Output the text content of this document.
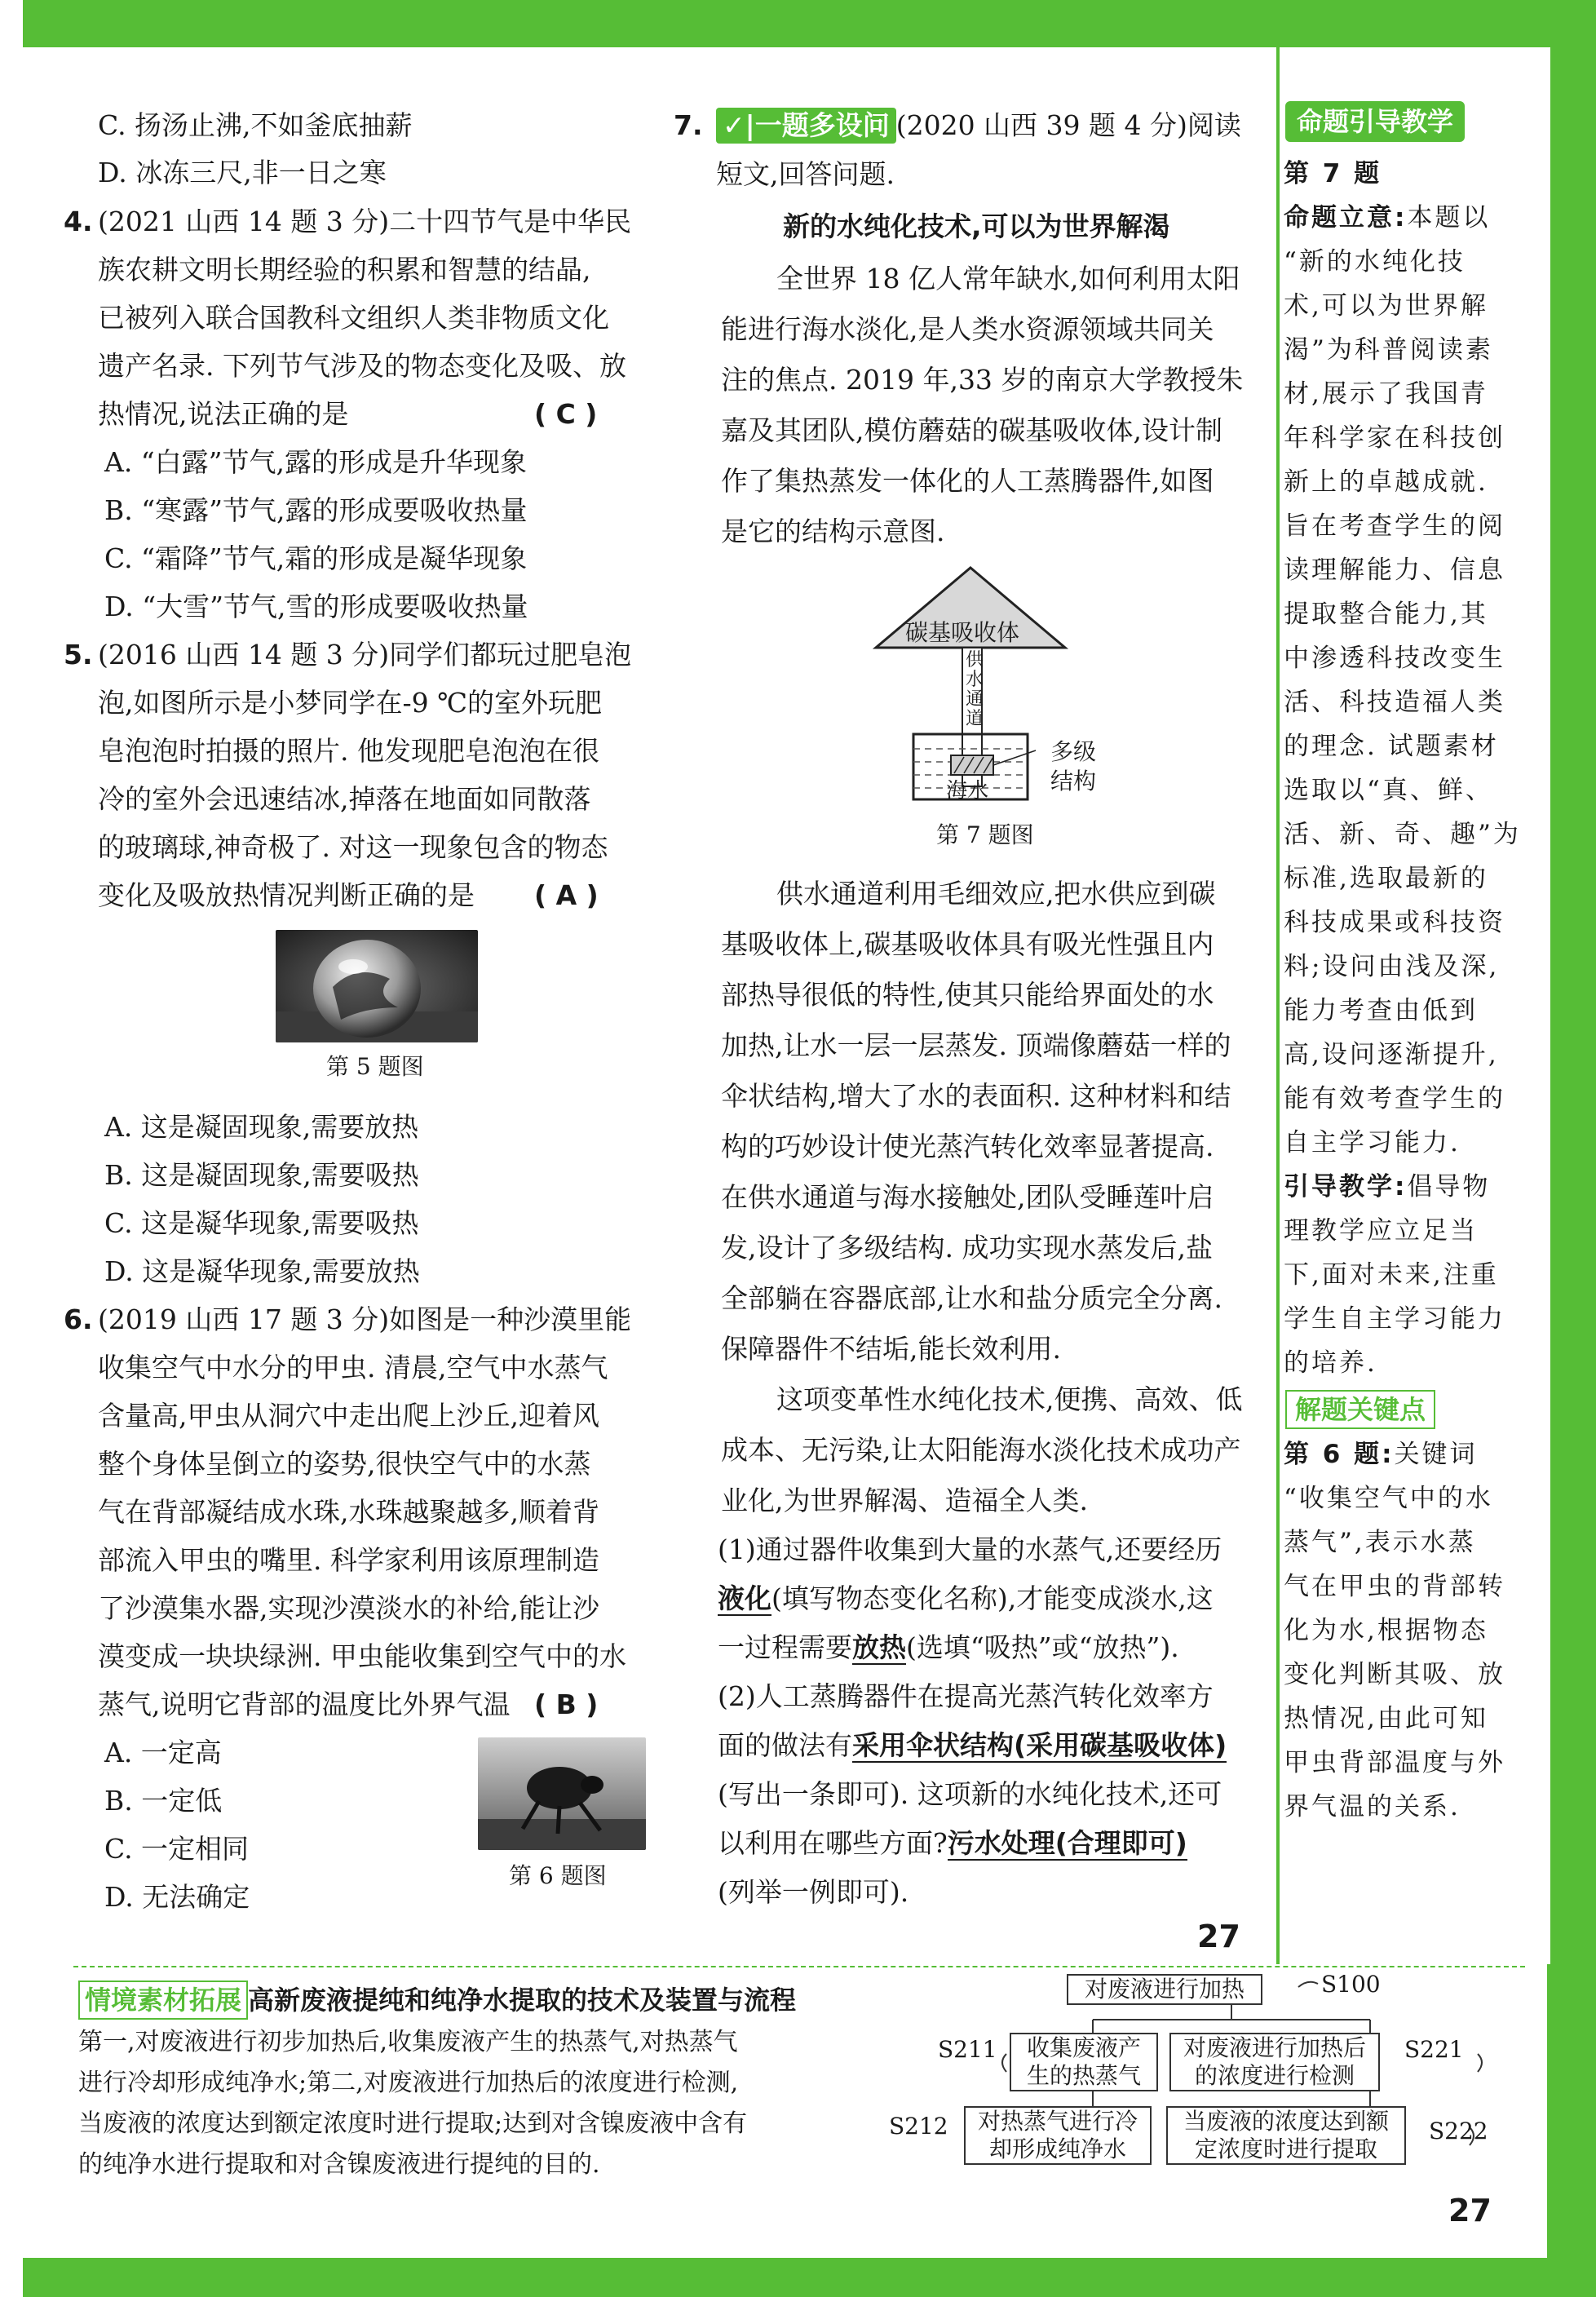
C. 扬汤止沸,不如釜底抽薪
D. 冰冻三尺,非一日之寒
4. (2021 山西 14 题 3 分)二十四节气是中华民
族农耕文明长期经验的积累和智慧的结晶,
已被列入联合国教科文组织人类非物质文化
遗产名录. 下列节气涉及的物态变化及吸、放
热情况,说法正确的是	( C )
A. “白露”节气,露的形成是升华现象
B. “寒露”节气,露的形成要吸收热量
C. “霜降”节气,霜的形成是凝华现象
D. “大雪”节气,雪的形成要吸收热量
5. (2016 山西 14 题 3 分)同学们都玩过肥皂泡
泡,如图所示是小梦同学在-9 ℃的室外玩肥
皂泡泡时拍摄的照片. 他发现肥皂泡泡在很
冷的室外会迅速结冰,掉落在地面如同散落
的玻璃球,神奇极了. 对这一现象包含的物态
变化及吸放热情况判断正确的是 ( A )
第 5 题图
A. 这是凝固现象,需要放热
B. 这是凝固现象,需要吸热
C. 这是凝华现象,需要吸热
D. 这是凝华现象,需要放热
6. (2019 山西 17 题 3 分)如图是一种沙漠里能
收集空气中水分的甲虫. 清晨,空气中水蒸气
含量高,甲虫从洞穴中走出爬上沙丘,迎着风
整个身体呈倒立的姿势,很快空气中的水蒸
气在背部凝结成水珠,水珠越聚越多,顺着背
部流入甲虫的嘴里. 科学家利用该原理制造
了沙漠集水器,实现沙漠淡水的补给,能让沙
漠变成一块块绿洲. 甲虫能收集到空气中的水
蒸气,说明它背部的温度比外界气温 ( B )
A. 一定高
B. 一定低
C. 一定相同
D. 无法确定
第 6 题图
7. ✓|一题多设问 (2020 山西 39 题 4 分)阅读
短文,回答问题.
新的水纯化技术,可以为世界解渴
全世界 18 亿人常年缺水,如何利用太阳
能进行海水淡化,是人类水资源领域共同关
注的焦点. 2019 年,33 岁的南京大学教授朱
嘉及其团队,模仿蘑菇的碳基吸收体,设计制
作了集热蒸发一体化的人工蒸腾器件,如图
是它的结构示意图.
碳基吸收体
供水通道
多级
结构
海水
第 7 题图
供水通道利用毛细效应,把水供应到碳
基吸收体上,碳基吸收体具有吸光性强且内
部热导很低的特性,使其只能给界面处的水
加热,让水一层一层蒸发. 顶端像蘑菇一样的
伞状结构,增大了水的表面积. 这种材料和结
构的巧妙设计使光蒸汽转化效率显著提高.
在供水通道与海水接触处,团队受睡莲叶启
发,设计了多级结构. 成功实现水蒸发后,盐
全部躺在容器底部,让水和盐分质完全分离.
保障器件不结垢,能长效利用.
这项变革性水纯化技术,便携、高效、低
成本、无污染,让太阳能海水淡化技术成功产
业化,为世界解渴、造福全人类.
(1)通过器件收集到大量的水蒸气,还要经历
液化(填写物态变化名称),才能变成淡水,这
一过程需要放热(选填“吸热”或“放热”).
(2)人工蒸腾器件在提高光蒸汽转化效率方
面的做法有采用伞状结构(采用碳基吸收体)
(写出一条即可). 这项新的水纯化技术,还可
以利用在哪些方面?污水处理(合理即可)
(列举一例即可).
27
命题引导教学
第 7 题
命题立意:本题以
“新的水纯化技
术,可以为世界解
渴”为科普阅读素
材,展示了我国青
年科学家在科技创
新上的卓越成就.
旨在考查学生的阅
读理解能力、信息
提取整合能力,其
中渗透科技改变生
活、科技造福人类
的理念. 试题素材
选取以“真、鲜、
活、新、奇、趣”为
标准,选取最新的
科技成果或科技资
料;设问由浅及深,
能力考查由低到
高,设问逐渐提升,
能有效考查学生的
自主学习能力.
引导教学:倡导物
理教学应立足当
下,面对未来,注重
学生自主学习能力
的培养.
解题关键点
第 6 题:关键词
“收集空气中的水
蒸气”,表示水蒸
气在甲虫的背部转
化为水,根据物态
变化判断其吸、放
热情况,由此可知
甲虫背部温度与外
界气温的关系.
情境素材拓展 高新废液提纯和纯净水提取的技术及装置与流程
第一,对废液进行初步加热后,收集废液产生的热蒸气,对热蒸气
进行冷却形成纯净水;第二,对废液进行加热后的浓度进行检测,
当废液的浓度达到额定浓度时进行提取;达到对含镍废液中含有
的纯净水进行提取和对含镍废液进行提纯的目的.
对废液进行加热	S100
收集废液产
生的热蒸气
S211	对废液进行加热后
的浓度进行检测
S221
对热蒸气进行冷
却形成纯净水
S212	当废液的浓度达到额
定浓度时进行提取
S222
27
